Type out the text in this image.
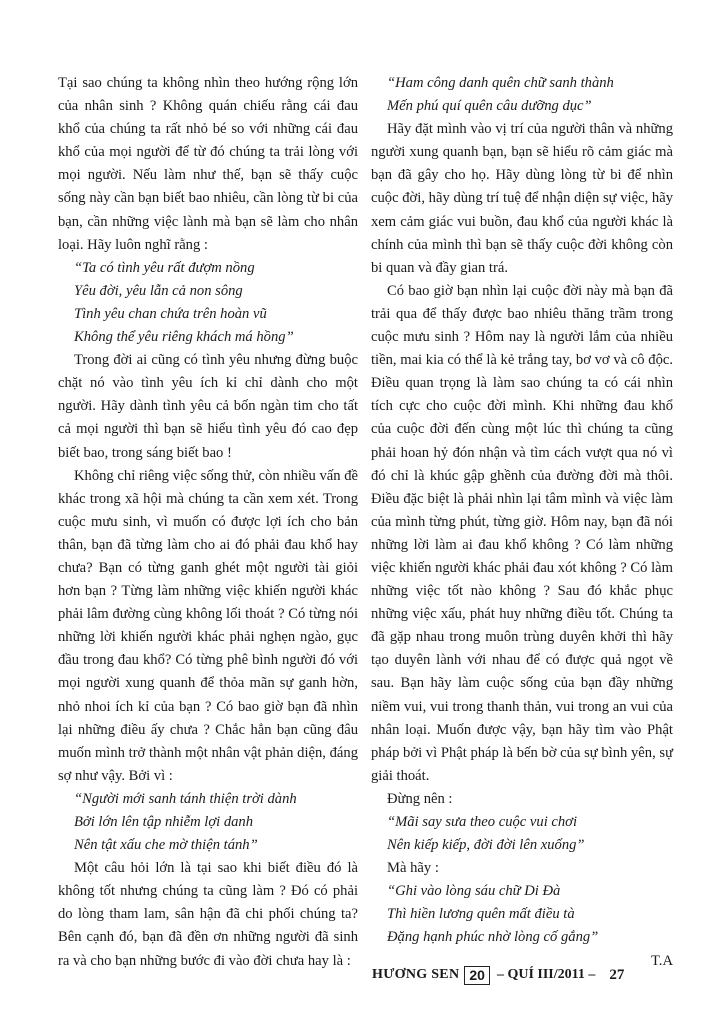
Tại sao chúng ta không nhìn theo hướng rộng lớn của nhân sinh ? Không quán chiếu rằng cái đau khổ của chúng ta rất nhỏ bé so với những cái đau khổ của mọi người để từ đó chúng ta trải lòng với mọi người. Nếu làm như thế, bạn sẽ thấy cuộc sống này cần bạn biết bao nhiêu, cần lòng từ bi của bạn, cần những việc lành mà bạn sẽ làm cho nhân loại. Hãy luôn nghĩ rằng :

“Ta có tình yêu rất đượm nồng
Yêu đời, yêu lẫn cả non sông
Tình yêu chan chứa trên hoàn vũ
Không thể yêu riêng khách má hồng”

Trong đời ai cũng có tình yêu nhưng đừng buộc chặt nó vào tình yêu ích kỉ chỉ dành cho một người. Hãy dành tình yêu cả bốn ngàn tim cho tất cả mọi người thì bạn sẽ hiểu tình yêu đó cao đẹp biết bao, trong sáng biết bao !

Không chỉ riêng việc sống thử, còn nhiều vấn đề khác trong xã hội mà chúng ta cần xem xét. Trong cuộc mưu sinh, vì muốn có được lợi ích cho bản thân, bạn đã từng làm cho ai đó phải đau khổ hay chưa? Bạn có từng ganh ghét một người tài giỏi hơn bạn ? Từng làm những việc khiến người khác phải lâm đường cùng không lối thoát ? Có từng nói những lời khiến người khác phải nghẹn ngào, gục đầu trong đau khổ? Có từng phê bình người đó với mọi người xung quanh để thỏa mãn sự ganh hờn, nhỏ nhoi ích kỉ của bạn ? Có bao giờ bạn đã nhìn lại những điều ấy chưa ? Chắc hẳn bạn cũng đâu muốn mình trở thành một nhân vật phản diện, đáng sợ như vậy. Bởi vì :

“Người mới sanh tánh thiện trời dành
Bởi lớn lên tập nhiễm lợi danh
Nên tật xấu che mờ thiện tánh”

Một câu hỏi lớn là tại sao khi biết điều đó là không tốt nhưng chúng ta cũng làm ? Đó có phải do lòng tham lam, sân hận đã chi phối chúng ta? Bên cạnh đó, bạn đã đền ơn những người đã sinh ra và cho bạn những bước đi vào đời chưa hay là :

“Ham công danh quên chữ sanh thành
Mến phú quí quên câu dưỡng dục”

Hãy đặt mình vào vị trí của người thân và những người xung quanh bạn, bạn sẽ hiểu rõ cảm giác mà bạn đã gây cho họ. Hãy dùng lòng từ bi để nhìn cuộc đời, hãy dùng trí tuệ để nhận diện sự việc, hãy xem cảm giác vui buồn, đau khổ của người khác là chính của mình thì bạn sẽ thấy cuộc đời không còn bi quan và đầy gian trá.

Có bao giờ bạn nhìn lại cuộc đời này mà bạn đã trải qua để thấy được bao nhiêu thăng trầm trong cuộc mưu sinh ? Hôm nay là người lắm của nhiều tiền, mai kia có thể là kẻ trắng tay, bơ vơ và cô độc. Điều quan trọng là làm sao chúng ta có cái nhìn tích cực cho cuộc đời mình. Khi những đau khổ của cuộc đời đến cùng một lúc thì chúng ta cũng phải hoan hỷ đón nhận và tìm cách vượt qua nó vì đó chỉ là khúc gập ghềnh của đường đời mà thôi. Điều đặc biệt là phải nhìn lại tâm mình và việc làm của mình từng phút, từng giờ. Hôm nay, bạn đã nói những lời làm ai đau khổ không ? Có làm những việc khiến người khác phải đau xót không ? Có làm những việc tốt nào không ? Sau đó khắc phục những việc xấu, phát huy những điều tốt. Chúng ta đã gặp nhau trong muôn trùng duyên khởi thì hãy tạo duyên lành với nhau để có được quả ngọt về sau. Bạn hãy làm cuộc sống của bạn đầy những niềm vui, vui trong thanh thản, vui trong an vui của nhân loại. Muốn được vậy, bạn hãy tìm vào Phật pháp bởi vì Phật pháp là bến bờ của sự bình yên, sự giải thoát.

Đừng nên :
“Mãi say sưa theo cuộc vui chơi
Nên kiếp kiếp, đời đời lên xuống”
Mà hãy :
“Ghi vào lòng sáu chữ Di Đà
Thì hiền lương quên mất điều tà
Đặng hạnh phúc nhờ lòng cố gắng”
T.A
HƯƠNG SEN 20 – QUÍ III/2011 – 27
